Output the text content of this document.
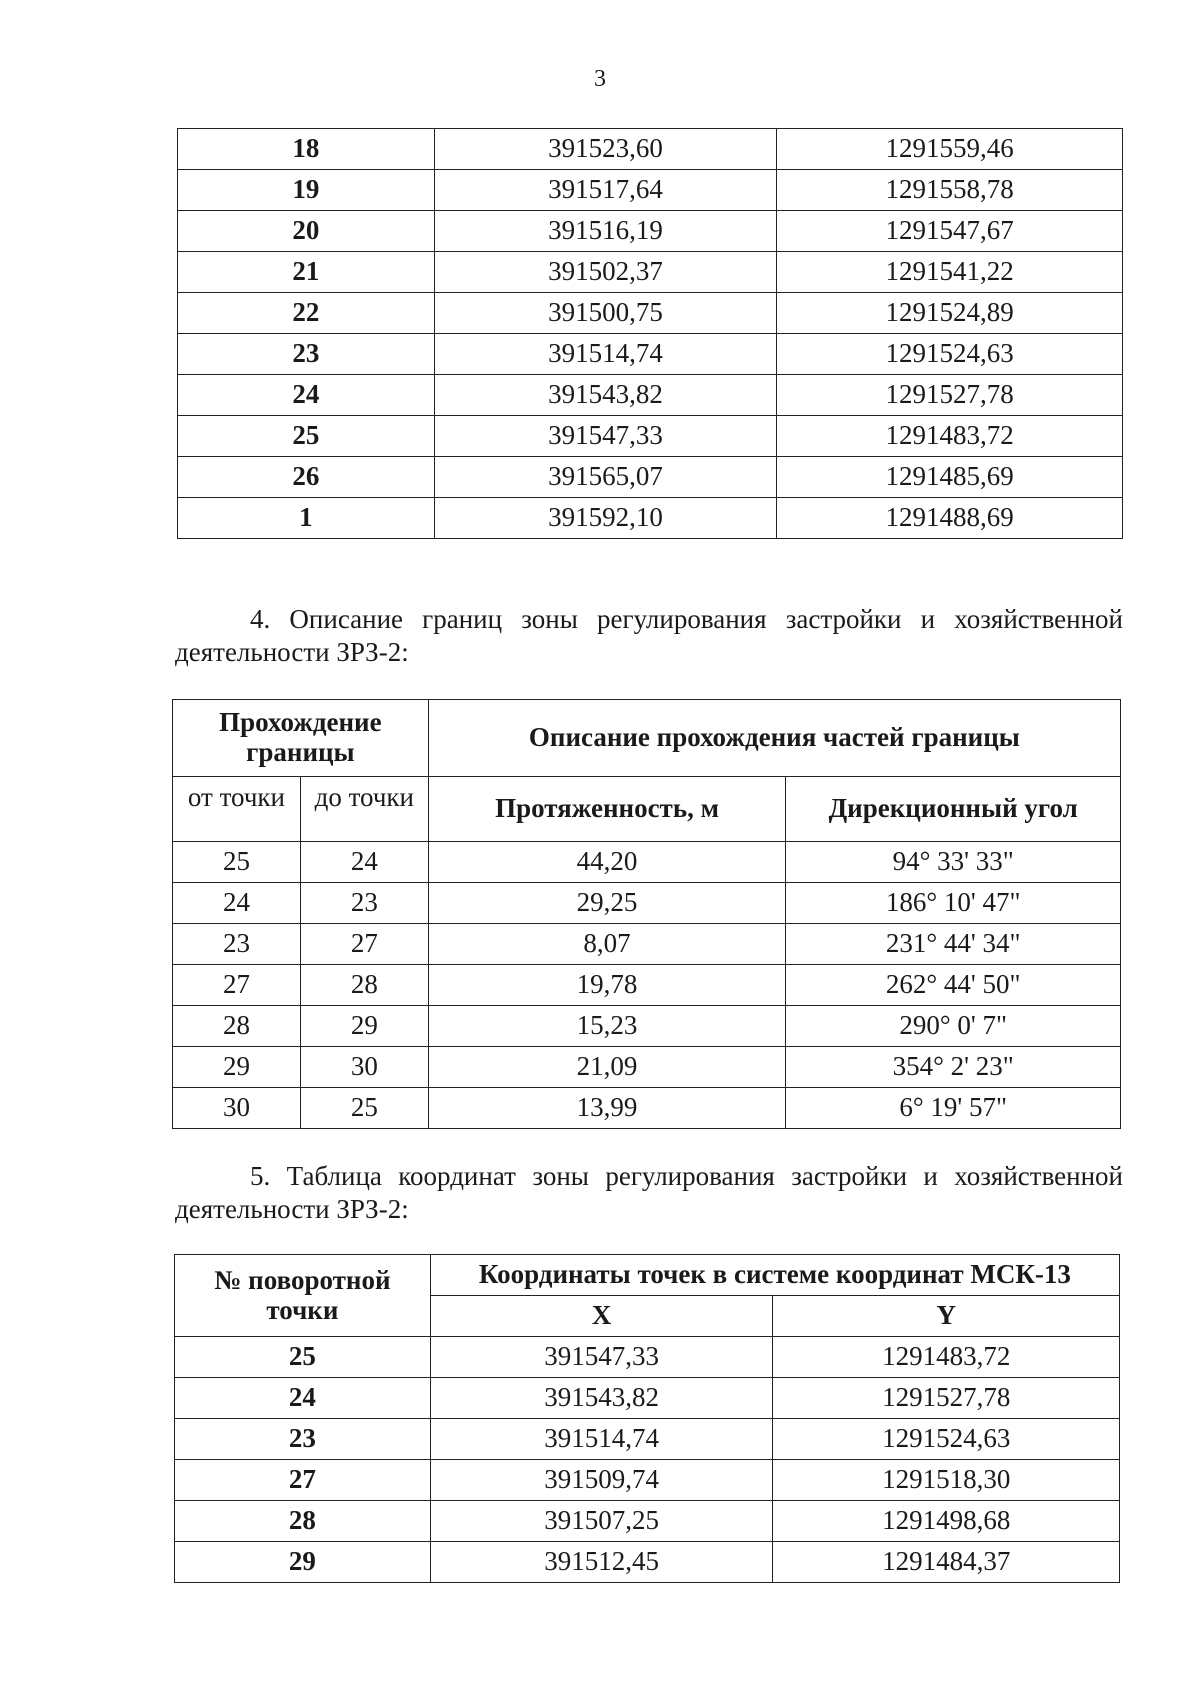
3
18	391523,60	1291559,46
19	391517,64	1291558,78
20	391516,19	1291547,67
21	391502,37	1291541,22
22	391500,75	1291524,89
23	391514,74	1291524,63
24	391543,82	1291527,78
25	391547,33	1291483,72
26	391565,07	1291485,69
1	391592,10	1291488,69

4. Описание границ зоны регулирования застройки и хозяйственной деятельности ЗРЗ-2:

Прохождение границы		Описание прохождения частей границы	
от точки	до точки	Протяженность, м	Дирекционный угол
25	24	44,20	94° 33' 33"
24	23	29,25	186° 10' 47"
23	27	8,07	231° 44' 34"
27	28	19,78	262° 44' 50"
28	29	15,23	290° 0' 7"
29	30	21,09	354° 2' 23"
30	25	13,99	6° 19' 57"

5. Таблица координат зоны регулирования застройки и хозяйственной деятельности ЗРЗ-2:

№ поворотной точки	Координаты точек в системе координат МСК-13	
	X	Y
25	391547,33	1291483,72
24	391543,82	1291527,78
23	391514,74	1291524,63
27	391509,74	1291518,30
28	391507,25	1291498,68
29	391512,45	1291484,37
